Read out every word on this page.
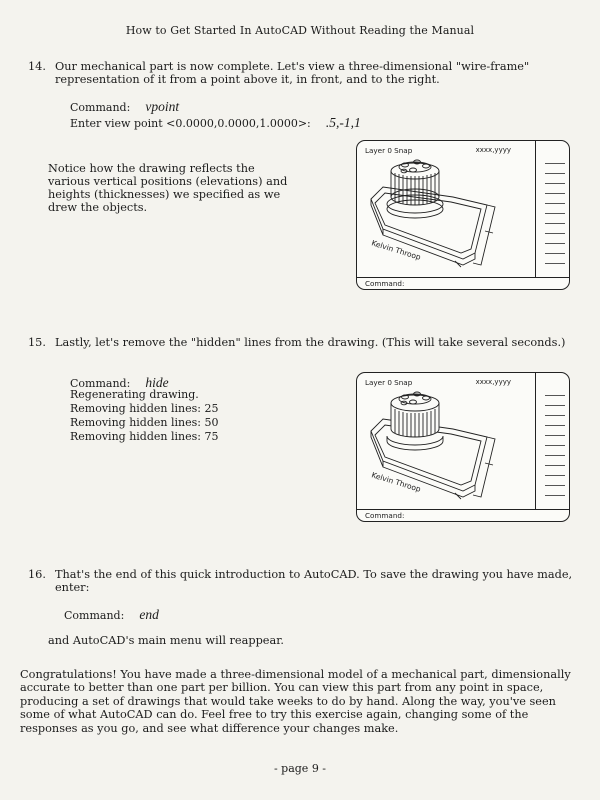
How to Get Started In AutoCAD Without Reading the Manual
14. Our mechanical part is now complete. Let's view a three-dimensional "wire-frame"
representation of it from a point above it, in front, and to the right.
Command: vpoint
Enter view point <0.0000,0.0000,1.0000>: .5,-1,1
Notice how the drawing reflects the
various vertical positions (elevations) and
heights (thicknesses) we specified as we
drew the objects.
Layer 0 Snap	xxxx,yyyy
Kelvin Throop
Command:
15. Lastly, let's remove the "hidden" lines from the drawing. (This will take several seconds.)
Command: hide
Regenerating drawing.
Removing hidden lines: 25
Removing hidden lines: 50
Removing hidden lines: 75
Layer 0 Snap	xxxx,yyyy
Kelvin Throop
Command:
16. That's the end of this quick introduction to AutoCAD. To save the drawing you have made,
enter:
Command: end
and AutoCAD's main menu will reappear.
Congratulations! You have made a three-dimensional model of a mechanical part, dimensionally
accurate to better than one part per billion. You can view this part from any point in space,
producing a set of drawings that would take weeks to do by hand. Along the way, you've seen
some of what AutoCAD can do. Feel free to try this exercise again, changing some of the
responses as you go, and see what difference your changes make.
- page 9 -
